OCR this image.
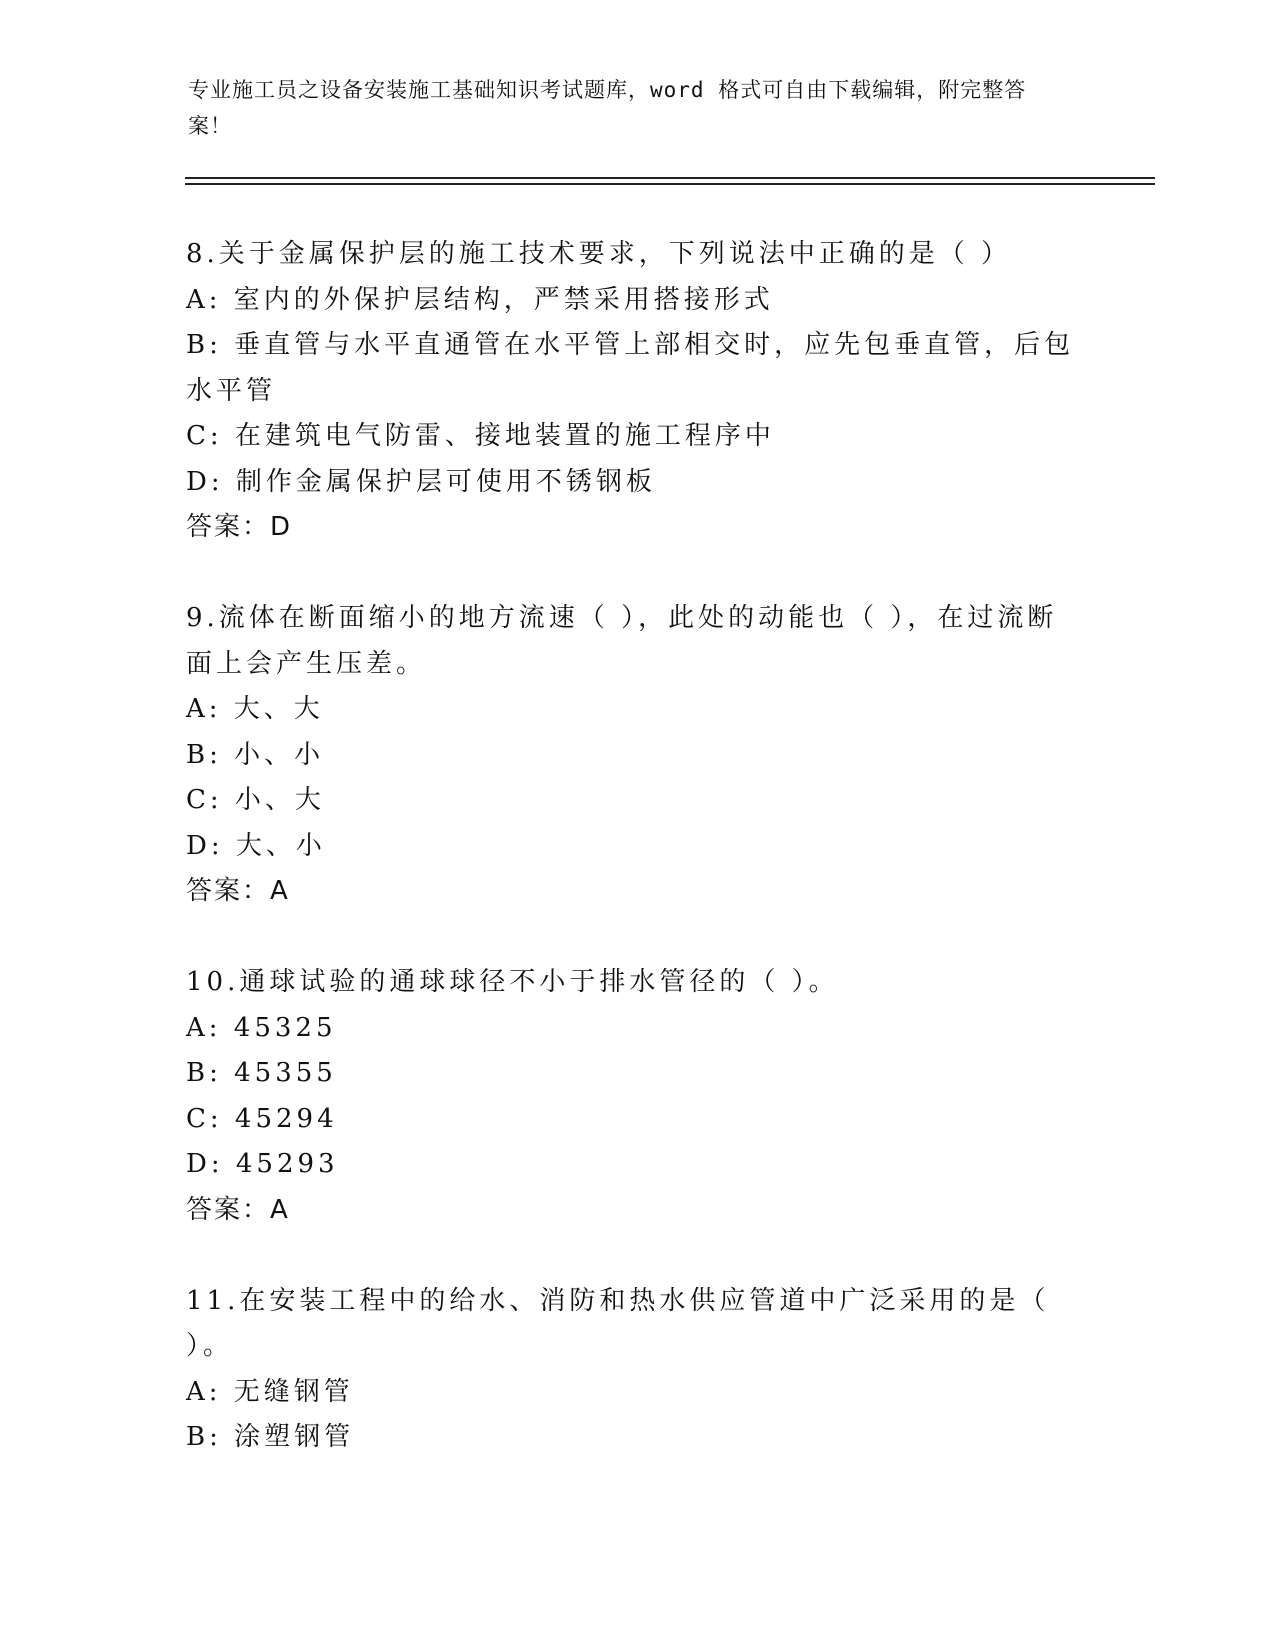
专业施工员之设备安装施工基础知识考试题库，word 格式可自由下载编辑，附完整答案！

8.关于金属保护层的施工技术要求，下列说法中正确的是（ ）

A: 室内的外保护层结构，严禁采用搭接形式

B: 垂直管与水平直通管在水平管上部相交时，应先包垂直管，后包水平管

C: 在建筑电气防雷、接地装置的施工程序中

D: 制作金属保护层可使用不锈钢板

答案：D

9.流体在断面缩小的地方流速（ ），此处的动能也（ ），在过流断面上会产生压差。

A: 大、大

B: 小、小

C: 小、大

D: 大、小

答案：A

10.通球试验的通球球径不小于排水管径的（ ）。

A: 45325

B: 45355

C: 45294

D: 45293

答案：A

11.在安装工程中的给水、消防和热水供应管道中广泛采用的是（ ）。

A: 无缝钢管

B: 涂塑钢管
